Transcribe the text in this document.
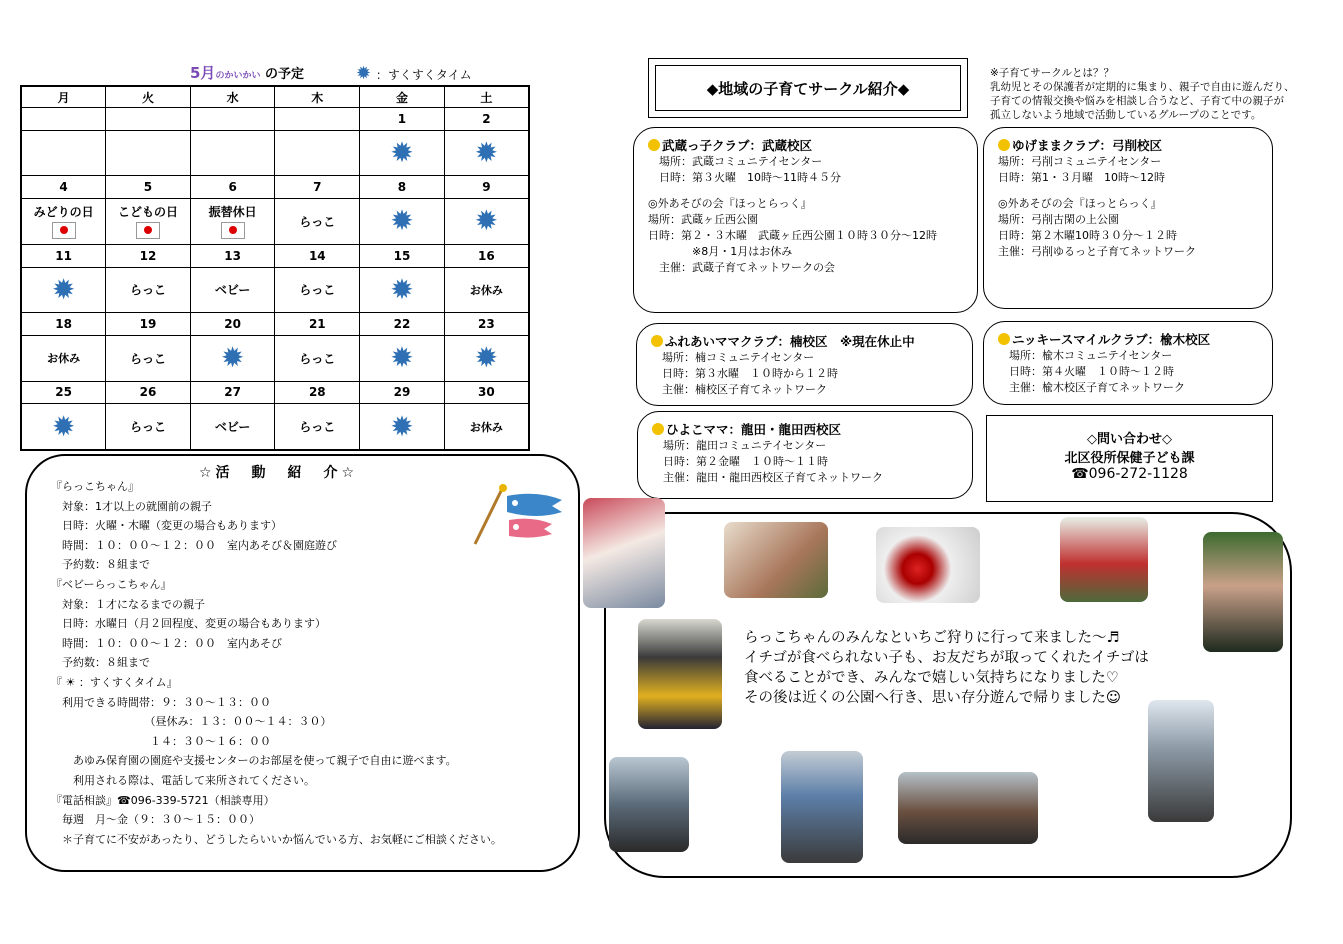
5月のかいかい の予定	✹ ：すくすくタイム
月	火	水	木	金	土
				1	2
				✹	✹
4	5	6	7	8	9
みどりの日	こどもの日	振替休日	らっこ	✹	✹
11	12	13	14	15	16
✹	らっこ	ベビー	らっこ	✹	お休み
18	19	20	21	22	23
お休み	らっこ	✹	らっこ	✹	✹
25	26	27	28	29	30
✹	らっこ	ベビー	らっこ	✹	お休み
☆活　動　紹　介☆
『らっこちゃん』
　対象：1才以上の就園前の親子
　日時：火曜・木曜（変更の場合もあります）
　時間：１０：００～１２：００　室内あそび＆園庭遊び
　予約数：８組まで
『ベビーらっこちゃん』
　対象：１才になるまでの親子
　日時：水曜日（月２回程度、変更の場合もあります）
　時間：１０：００～１２：００　室内あそび
　予約数：８組まで
『 ☀ ：すくすくタイム』
　利用できる時間帯：９：３０～１３：００
　　　　　　　　　（昼休み：１３：００～１４：３０）
　　　　　　　　　１４：３０～１６：００
　　あゆみ保育園の園庭や支援センターのお部屋を使って親子で自由に遊べます。
　　利用される際は、電話して来所されてください。
『電話相談』☎096-339-5721（相談専用）
　毎週　月～金（９：３０～１５：００）
　＊子育てに不安があったり、どうしたらいいか悩んでいる方、お気軽にご相談ください。
◆地域の子育てサークル紹介◆
※子育てサークルとは？？
乳幼児とその保護者が定期的に集まり、親子で自由に遊んだり、
子育ての情報交換や悩みを相談し合うなど、子育て中の親子が
孤立しないよう地域で活動しているグループのことです。
武蔵っ子クラブ：武蔵校区
　場所：武蔵コミュニテイセンター
　日時：第３火曜　10時～11時４５分
◎外あそびの会『ほっとらっく』
場所：武蔵ヶ丘西公園
日時：第２・３木曜　武蔵ヶ丘西公園１０時３０分～12時
　　　　※8月・1月はお休み
　主催：武蔵子育てネットワークの会
ゆげままクラブ：弓削校区
場所：弓削コミュニテイセンター
日時：第1・３月曜　10時～12時
◎外あそびの会『ほっとらっく』
場所：弓削古閑の上公園
日時：第２木曜10時３０分～１２時
主催：弓削ゆるっと子育てネットワーク
ふれあいママクラブ：楠校区　※現在休止中
　場所：楠コミュニテイセンター
　日時：第３水曜　１０時から１２時
　主催：楠校区子育てネットワーク
ニッキースマイルクラブ：楡木校区
　場所：楡木コミュニテイセンター
　日時：第４火曜　１０時～１２時
　主催：楡木校区子育てネットワーク
ひよこママ：龍田・龍田西校区
　場所：龍田コミュニテイセンター
　日時：第２金曜　１０時～１１時
　主催：龍田・龍田西校区子育てネットワーク
◇問い合わせ◇
北区役所保健子ども課
☎096-272-1128
らっこちゃんのみんなといちご狩りに行って来ました～♬
イチゴが食べられない子も、お友だちが取ってくれたイチゴは
食べることができ、みんなで嬉しい気持ちになりました♡
その後は近くの公園へ行き、思い存分遊んで帰りました☺
